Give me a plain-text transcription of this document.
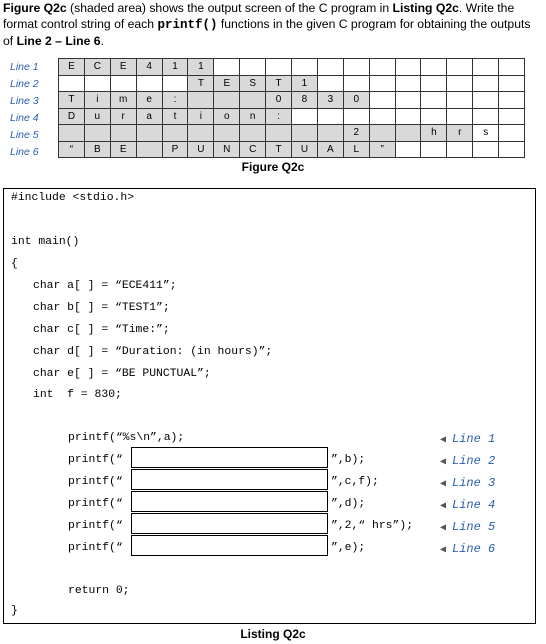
Figure Q2c (shaded area) shows the output screen of the C program in Listing Q2c. Write the format control string of each printf() functions in the given C program for obtaining the outputs of Line 2 – Line 6.
Line 1
Line 2
Line 3
Line 4
Line 5
Line 6
E	C	E	4	1	1												
					T	E	S	T	1								
T	i	m	e	:				0	8	3	0						
D	u	r	a	t	i	o	n	:									
											2			h	r	s	
“	B	E		P	U	N	C	T	U	A	L	”					
Figure Q2c
#include <stdio.h>
int main()
{
char a[ ] = “ECE411”;
char b[ ] = “TEST1”;
char c[ ] = “Time:”;
char d[ ] = “Duration: (in hours)”;
char e[ ] = “BE PUNCTUAL”;
int  f = 830;
printf(“%s\n”,a);
printf(“	”,b);
printf(“	”,c,f);
printf(“	”,d);
printf(“	”,2,“ hrs”);
printf(“	”,e);
return 0;
}
◀ Line 1
◀ Line 2
◀ Line 3
◀ Line 4
◀ Line 5
◀ Line 6
Listing Q2c
